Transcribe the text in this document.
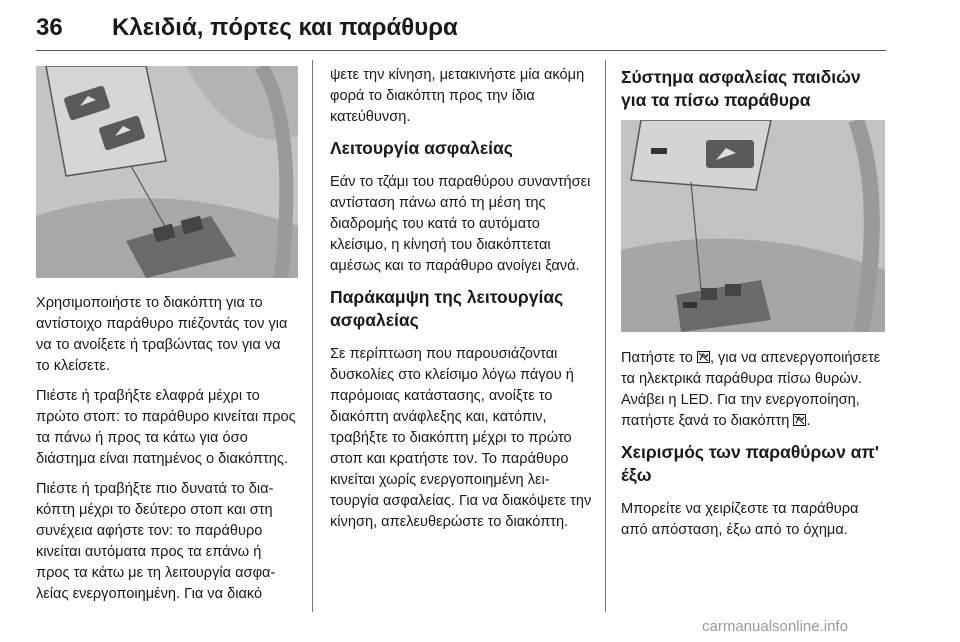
36 Κλειδιά, πόρτες και παράθυρα

Χρησιμοποιήστε το διακόπτη για το αντίστοιχο παράθυρο πιέζοντάς τον για να το ανοίξετε ή τραβώντας τον για να το κλείσετε.

Πιέστε ή τραβήξτε ελαφρά μέχρι το πρώτο στοπ: το παράθυρο κινείται προς τα πάνω ή προς τα κάτω για όσο διάστημα είναι πατημένος ο διακόπτης.

Πιέστε ή τραβήξτε πιο δυνατά το διακόπτη μέχρι το δεύτερο στοπ και στη συνέχεια αφήστε τον: το παράθυρο κινείται αυτόματα προς τα επάνω ή προς τα κάτω με τη λειτουργία ασφαλείας ενεργοποιημένη. Για να διακό

ψετε την κίνηση, μετακινήστε μία ακόμη φορά το διακόπτη προς την ίδια κατεύθυνση.

Λειτουργία ασφαλείας

Εάν το τζάμι του παραθύρου συναντήσει αντίσταση πάνω από τη μέση της διαδρομής του κατά το αυτόματο κλείσιμο, η κίνησή του διακόπτεται αμέσως και το παράθυρο ανοίγει ξανά.

Παράκαμψη της λειτουργίας ασφαλείας

Σε περίπτωση που παρουσιάζονται δυσκολίες στο κλείσιμο λόγω πάγου ή παρόμοιας κατάστασης, ανοίξτε το διακόπτη ανάφλεξης και, κατόπιν, τραβήξτε το διακόπτη μέχρι το πρώτο στοπ και κρατήστε τον. Το παράθυρο κινείται χωρίς ενεργοποιημένη λειτουργία ασφαλείας. Για να διακόψετε την κίνηση, απελευθερώστε το διακόπτη.

Σύστημα ασφαλείας παιδιών για τα πίσω παράθυρα

Πατήστε το , για να απενεργοποιήσετε τα ηλεκτρικά παράθυρα πίσω θυρών. Ανάβει η LED. Για την ενεργοποίηση, πατήστε ξανά το διακόπτη .

Χειρισμός των παραθύρων απ' έξω

Μπορείτε να χειρίζεστε τα παράθυρα από απόσταση, έξω από το όχημα.

carmanualsonline.info
